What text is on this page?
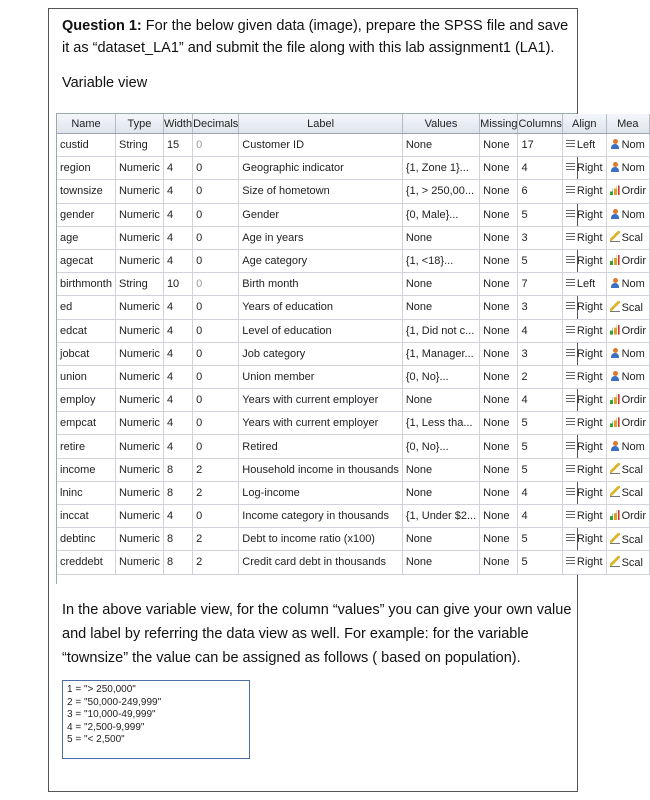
Question 1: For the below given data (image), prepare the SPSS file and save it as “dataset_LA1” and submit the file along with this lab assignment1 (LA1).
Variable view
Name	Type	Width	Decimals	Label	Values	Missing	Columns	Align	Mea
custid	String	15	0	Customer ID	None	None	17	Left	Nom
region	Numeric	4	0	Geographic indicator	{1, Zone 1}...	None	4	Right	Nom
townsize	Numeric	4	0	Size of hometown	{1, > 250,00...	None	6	Right	Ordir
gender	Numeric	4	0	Gender	{0, Male}...	None	5	Right	Nom
age	Numeric	4	0	Age in years	None	None	3	Right	Scal
agecat	Numeric	4	0	Age category	{1, <18}...	None	5	Right	Ordir
birthmonth	String	10	0	Birth month	None	None	7	Left	Nom
ed	Numeric	4	0	Years of education	None	None	3	Right	Scal
edcat	Numeric	4	0	Level of education	{1, Did not c...	None	4	Right	Ordir
jobcat	Numeric	4	0	Job category	{1, Manager...	None	3	Right	Nom
union	Numeric	4	0	Union member	{0, No}...	None	2	Right	Nom
employ	Numeric	4	0	Years with current employer	None	None	4	Right	Ordir
empcat	Numeric	4	0	Years with current employer	{1, Less tha...	None	5	Right	Ordir
retire	Numeric	4	0	Retired	{0, No}...	None	5	Right	Nom
income	Numeric	8	2	Household income in thousands	None	None	5	Right	Scal
lninc	Numeric	8	2	Log-income	None	None	4	Right	Scal
inccat	Numeric	4	0	Income category in thousands	{1, Under $2...	None	4	Right	Ordir
debtinc	Numeric	8	2	Debt to income ratio (x100)	None	None	5	Right	Scal
creddebt	Numeric	8	2	Credit card debt in thousands	None	None	5	Right	Scal
In the above variable view, for the column “values” you can give your own value and label by referring the data view as well. For example: for the variable “townsize” the value can be assigned as follows ( based on population).
1 = "> 250,000"
2 = "50,000-249,999"
3 = "10,000-49,999"
4 = "2,500-9,999"
5 = "< 2,500"
